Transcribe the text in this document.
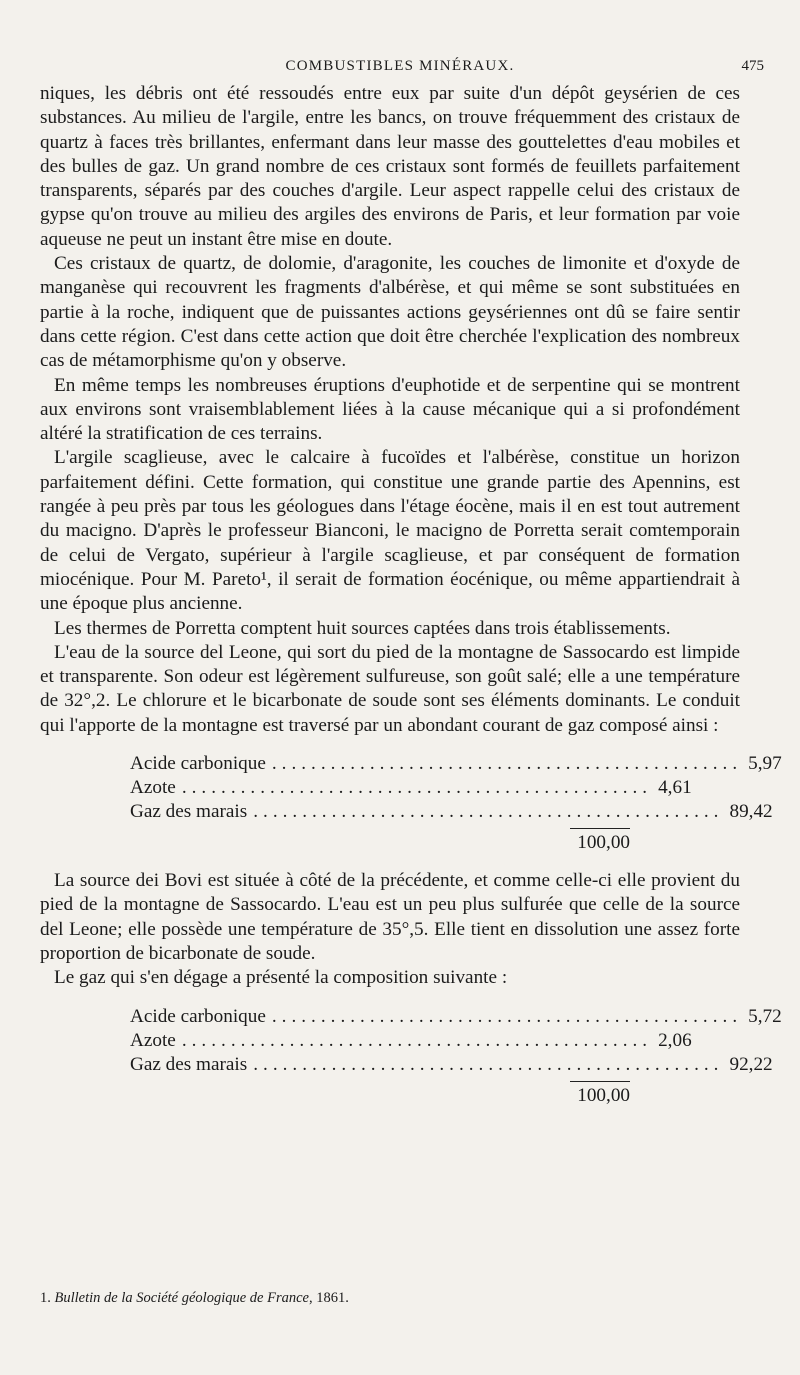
COMBUSTIBLES MINÉRAUX.	475

niques, les débris ont été ressoudés entre eux par suite d'un dépôt geysérien de ces substances. Au milieu de l'argile, entre les bancs, on trouve fréquemment des cristaux de quartz à faces très brillantes, enfermant dans leur masse des gouttelettes d'eau mobiles et des bulles de gaz. Un grand nombre de ces cristaux sont formés de feuillets parfaitement transparents, séparés par des couches d'argile. Leur aspect rappelle celui des cristaux de gypse qu'on trouve au milieu des argiles des environs de Paris, et leur formation par voie aqueuse ne peut un instant être mise en doute.

Ces cristaux de quartz, de dolomie, d'aragonite, les couches de limonite et d'oxyde de manganèse qui recouvrent les fragments d'albérèse, et qui même se sont substituées en partie à la roche, indiquent que de puissantes actions geysériennes ont dû se faire sentir dans cette région. C'est dans cette action que doit être cherchée l'explication des nombreux cas de métamorphisme qu'on y observe.

En même temps les nombreuses éruptions d'euphotide et de serpentine qui se montrent aux environs sont vraisemblablement liées à la cause mécanique qui a si profondément altéré la stratification de ces terrains.

L'argile scaglieuse, avec le calcaire à fucoïdes et l'albérèse, constitue un horizon parfaitement défini. Cette formation, qui constitue une grande partie des Apennins, est rangée à peu près par tous les géologues dans l'étage éocène, mais il en est tout autrement du macigno. D'après le professeur Bianconi, le macigno de Porretta serait comtemporain de celui de Vergato, supérieur à l'argile scaglieuse, et par conséquent de formation miocénique. Pour M. Pareto¹, il serait de formation éocénique, ou même appartiendrait à une époque plus ancienne.

Les thermes de Porretta comptent huit sources captées dans trois établissements.

L'eau de la source del Leone, qui sort du pied de la montagne de Sassocardo est limpide et transparente. Son odeur est légèrement sulfureuse, son goût salé; elle a une température de 32°,2. Le chlorure et le bicarbonate de soude sont ses éléments dominants. Le conduit qui l'apporte de la montagne est traversé par un abondant courant de gaz composé ainsi :

Acide carbonique ................................................ 5,97
Azote ................................................ 4,61
Gaz des marais ................................................ 89,42
100,00

La source dei Bovi est située à côté de la précédente, et comme celle-ci elle provient du pied de la montagne de Sassocardo. L'eau est un peu plus sulfurée que celle de la source del Leone; elle possède une température de 35°,5. Elle tient en dissolution une assez forte proportion de bicarbonate de soude.

Le gaz qui s'en dégage a présenté la composition suivante :

Acide carbonique ................................................ 5,72
Azote ................................................ 2,06
Gaz des marais ................................................ 92,22
100,00
1. Bulletin de la Société géologique de France, 1861.
